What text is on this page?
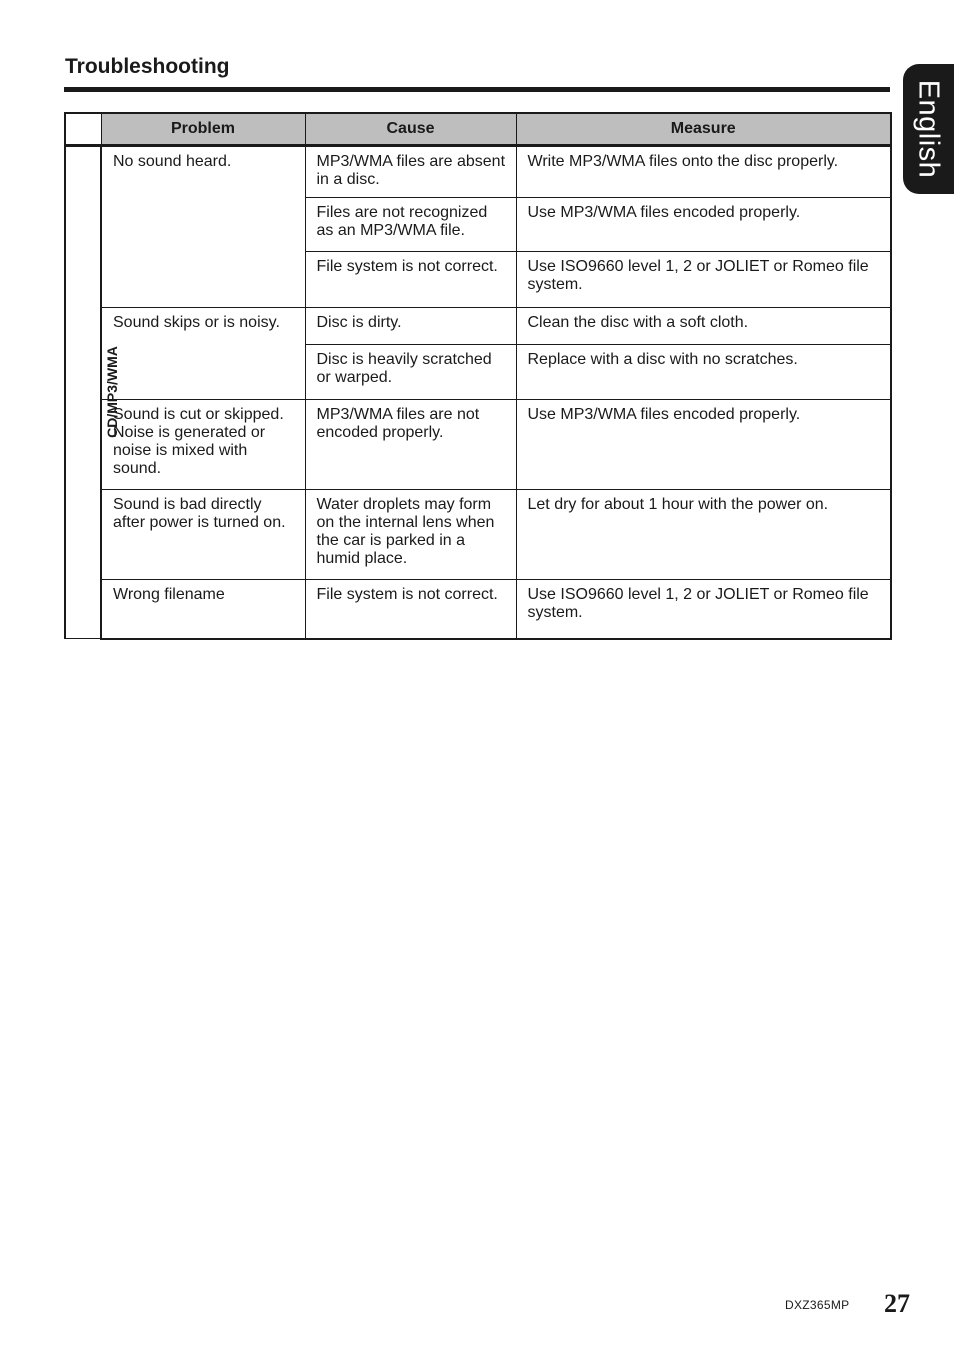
Troubleshooting
English
	Problem	Cause	Measure
CD/MP3/WMA	No sound heard.	MP3/WMA files are absent in a disc.	Write MP3/WMA files onto the disc properly.

		Files are not recognized as an MP3/WMA file.	Use MP3/WMA files encoded properly.

		File system is not correct.	Use ISO9660 level 1, 2 or JOLIET or Romeo file system.

	Sound skips or is noisy.	Disc is dirty.	Clean the disc with a soft cloth.

		Disc is heavily scratched or warped.	Replace with a disc with no scratches.

	Sound is cut or skipped. Noise is generated or noise is mixed with sound.	MP3/WMA files are not encoded properly.	Use MP3/WMA files encoded properly.

	Sound is bad directly after power is turned on.	Water droplets may form on the internal lens when the car is parked in a humid place.	Let dry for about 1 hour with the power on.

	Wrong filename	File system is not correct.	Use ISO9660 level 1, 2 or JOLIET or Romeo file system.
DXZ365MP 27
